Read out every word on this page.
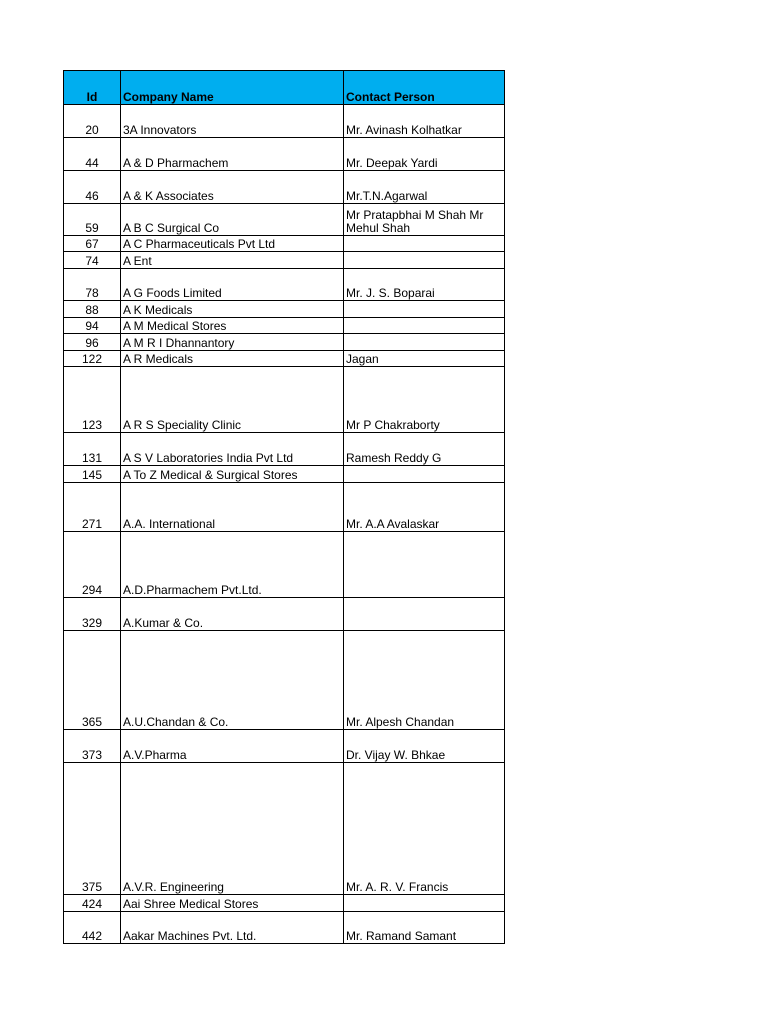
Id	Company Name	Contact Person
20	3A Innovators	Mr. Avinash Kolhatkar
44	A & D Pharmachem	Mr. Deepak Yardi
46	A & K Associates	Mr.T.N.Agarwal
59	A B C Surgical Co	Mr Pratapbhai M Shah Mr Mehul Shah
67	A C Pharmaceuticals Pvt Ltd	
74	A Ent	
78	A G Foods Limited	Mr. J. S. Boparai
88	A K Medicals	
94	A M Medical Stores	
96	A M R I Dhannantory	
122	A R Medicals	Jagan
123	A R S Speciality Clinic	Mr P Chakraborty
131	A S V Laboratories India Pvt Ltd	Ramesh Reddy G
145	A To Z Medical & Surgical Stores	
271	A.A. International	Mr. A.A Avalaskar
294	A.D.Pharmachem Pvt.Ltd.	
329	A.Kumar & Co.	
365	A.U.Chandan & Co.	Mr. Alpesh Chandan
373	A.V.Pharma	Dr. Vijay W. Bhkae
375	A.V.R. Engineering	Mr. A. R. V. Francis
424	Aai Shree Medical Stores	
442	Aakar Machines Pvt. Ltd.	Mr. Ramand Samant
